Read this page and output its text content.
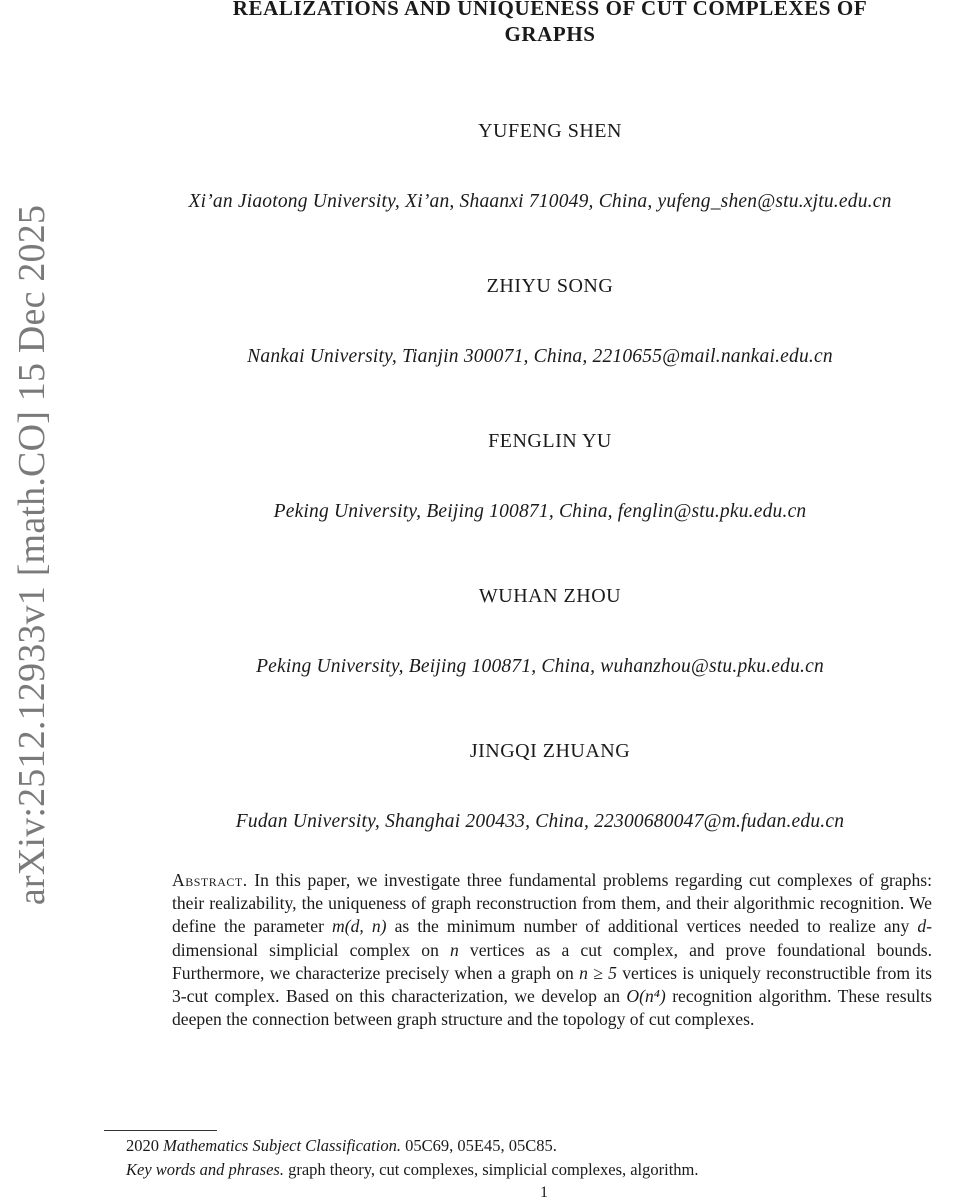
arXiv:2512.12933v1 [math.CO] 15 Dec 2025
REALIZATIONS AND UNIQUENESS OF CUT COMPLEXES OF
GRAPHS
YUFENG SHEN
Xi’an Jiaotong University, Xi’an, Shaanxi 710049, China, yufeng_shen@stu.xjtu.edu.cn
ZHIYU SONG
Nankai University, Tianjin 300071, China, 2210655@mail.nankai.edu.cn
FENGLIN YU
Peking University, Beijing 100871, China, fenglin@stu.pku.edu.cn
WUHAN ZHOU
Peking University, Beijing 100871, China, wuhanzhou@stu.pku.edu.cn
JINGQI ZHUANG
Fudan University, Shanghai 200433, China, 22300680047@m.fudan.edu.cn
Abstract. In this paper, we investigate three fundamental problems regarding cut complexes of graphs: their realizability, the uniqueness of graph reconstruction from them, and their algorithmic recognition. We define the parameter m(d, n) as the minimum number of additional vertices needed to realize any d-dimensional simplicial complex on n vertices as a cut complex, and prove foundational bounds. Furthermore, we characterize precisely when a graph on n ≥ 5 vertices is uniquely reconstructible from its 3-cut complex. Based on this characterization, we develop an O(n⁴) recognition algorithm. These results deepen the connection between graph structure and the topology of cut complexes.
2020 Mathematics Subject Classification. 05C69, 05E45, 05C85.
Key words and phrases. graph theory, cut complexes, simplicial complexes, algorithm.
1
